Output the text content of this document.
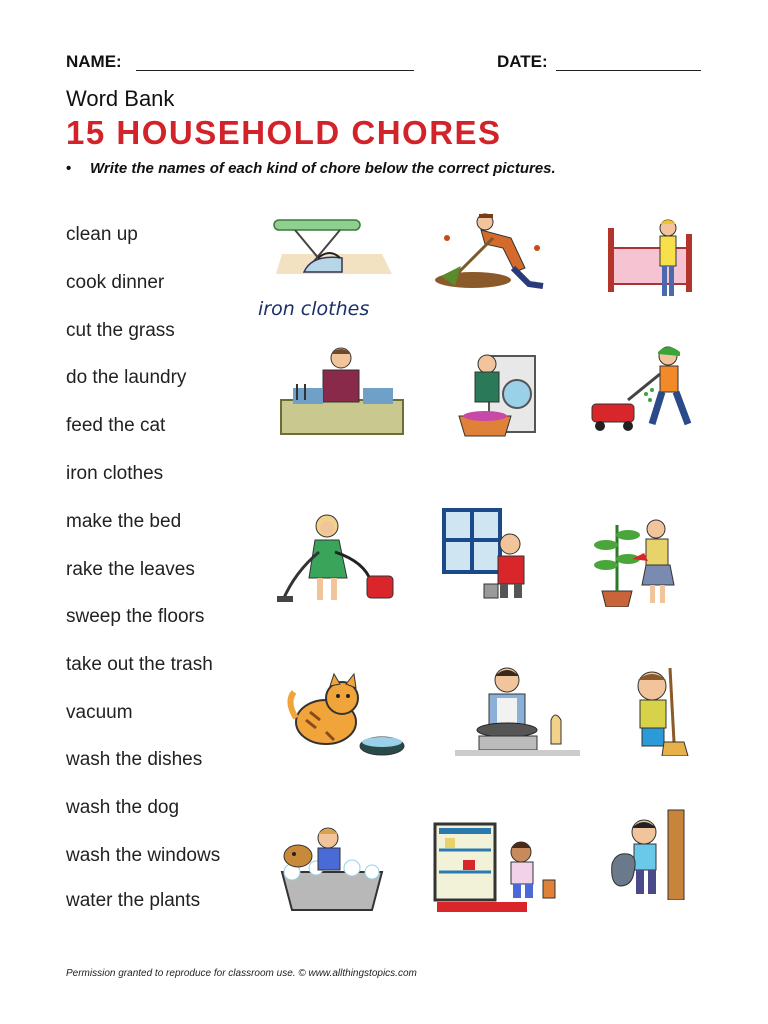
NAME:	DATE:
Word Bank
15 HOUSEHOLD CHORES
• Write the names of each kind of chore below the correct pictures.
clean up
cook dinner
cut the grass
do the laundry
feed the cat
iron clothes
make the bed
rake the leaves
sweep the floors
take out the trash
vacuum
wash the dishes
wash the dog
wash the windows
water the plants
iron clothes
Permission granted to reproduce for classroom use. © www.allthingstopics.com
